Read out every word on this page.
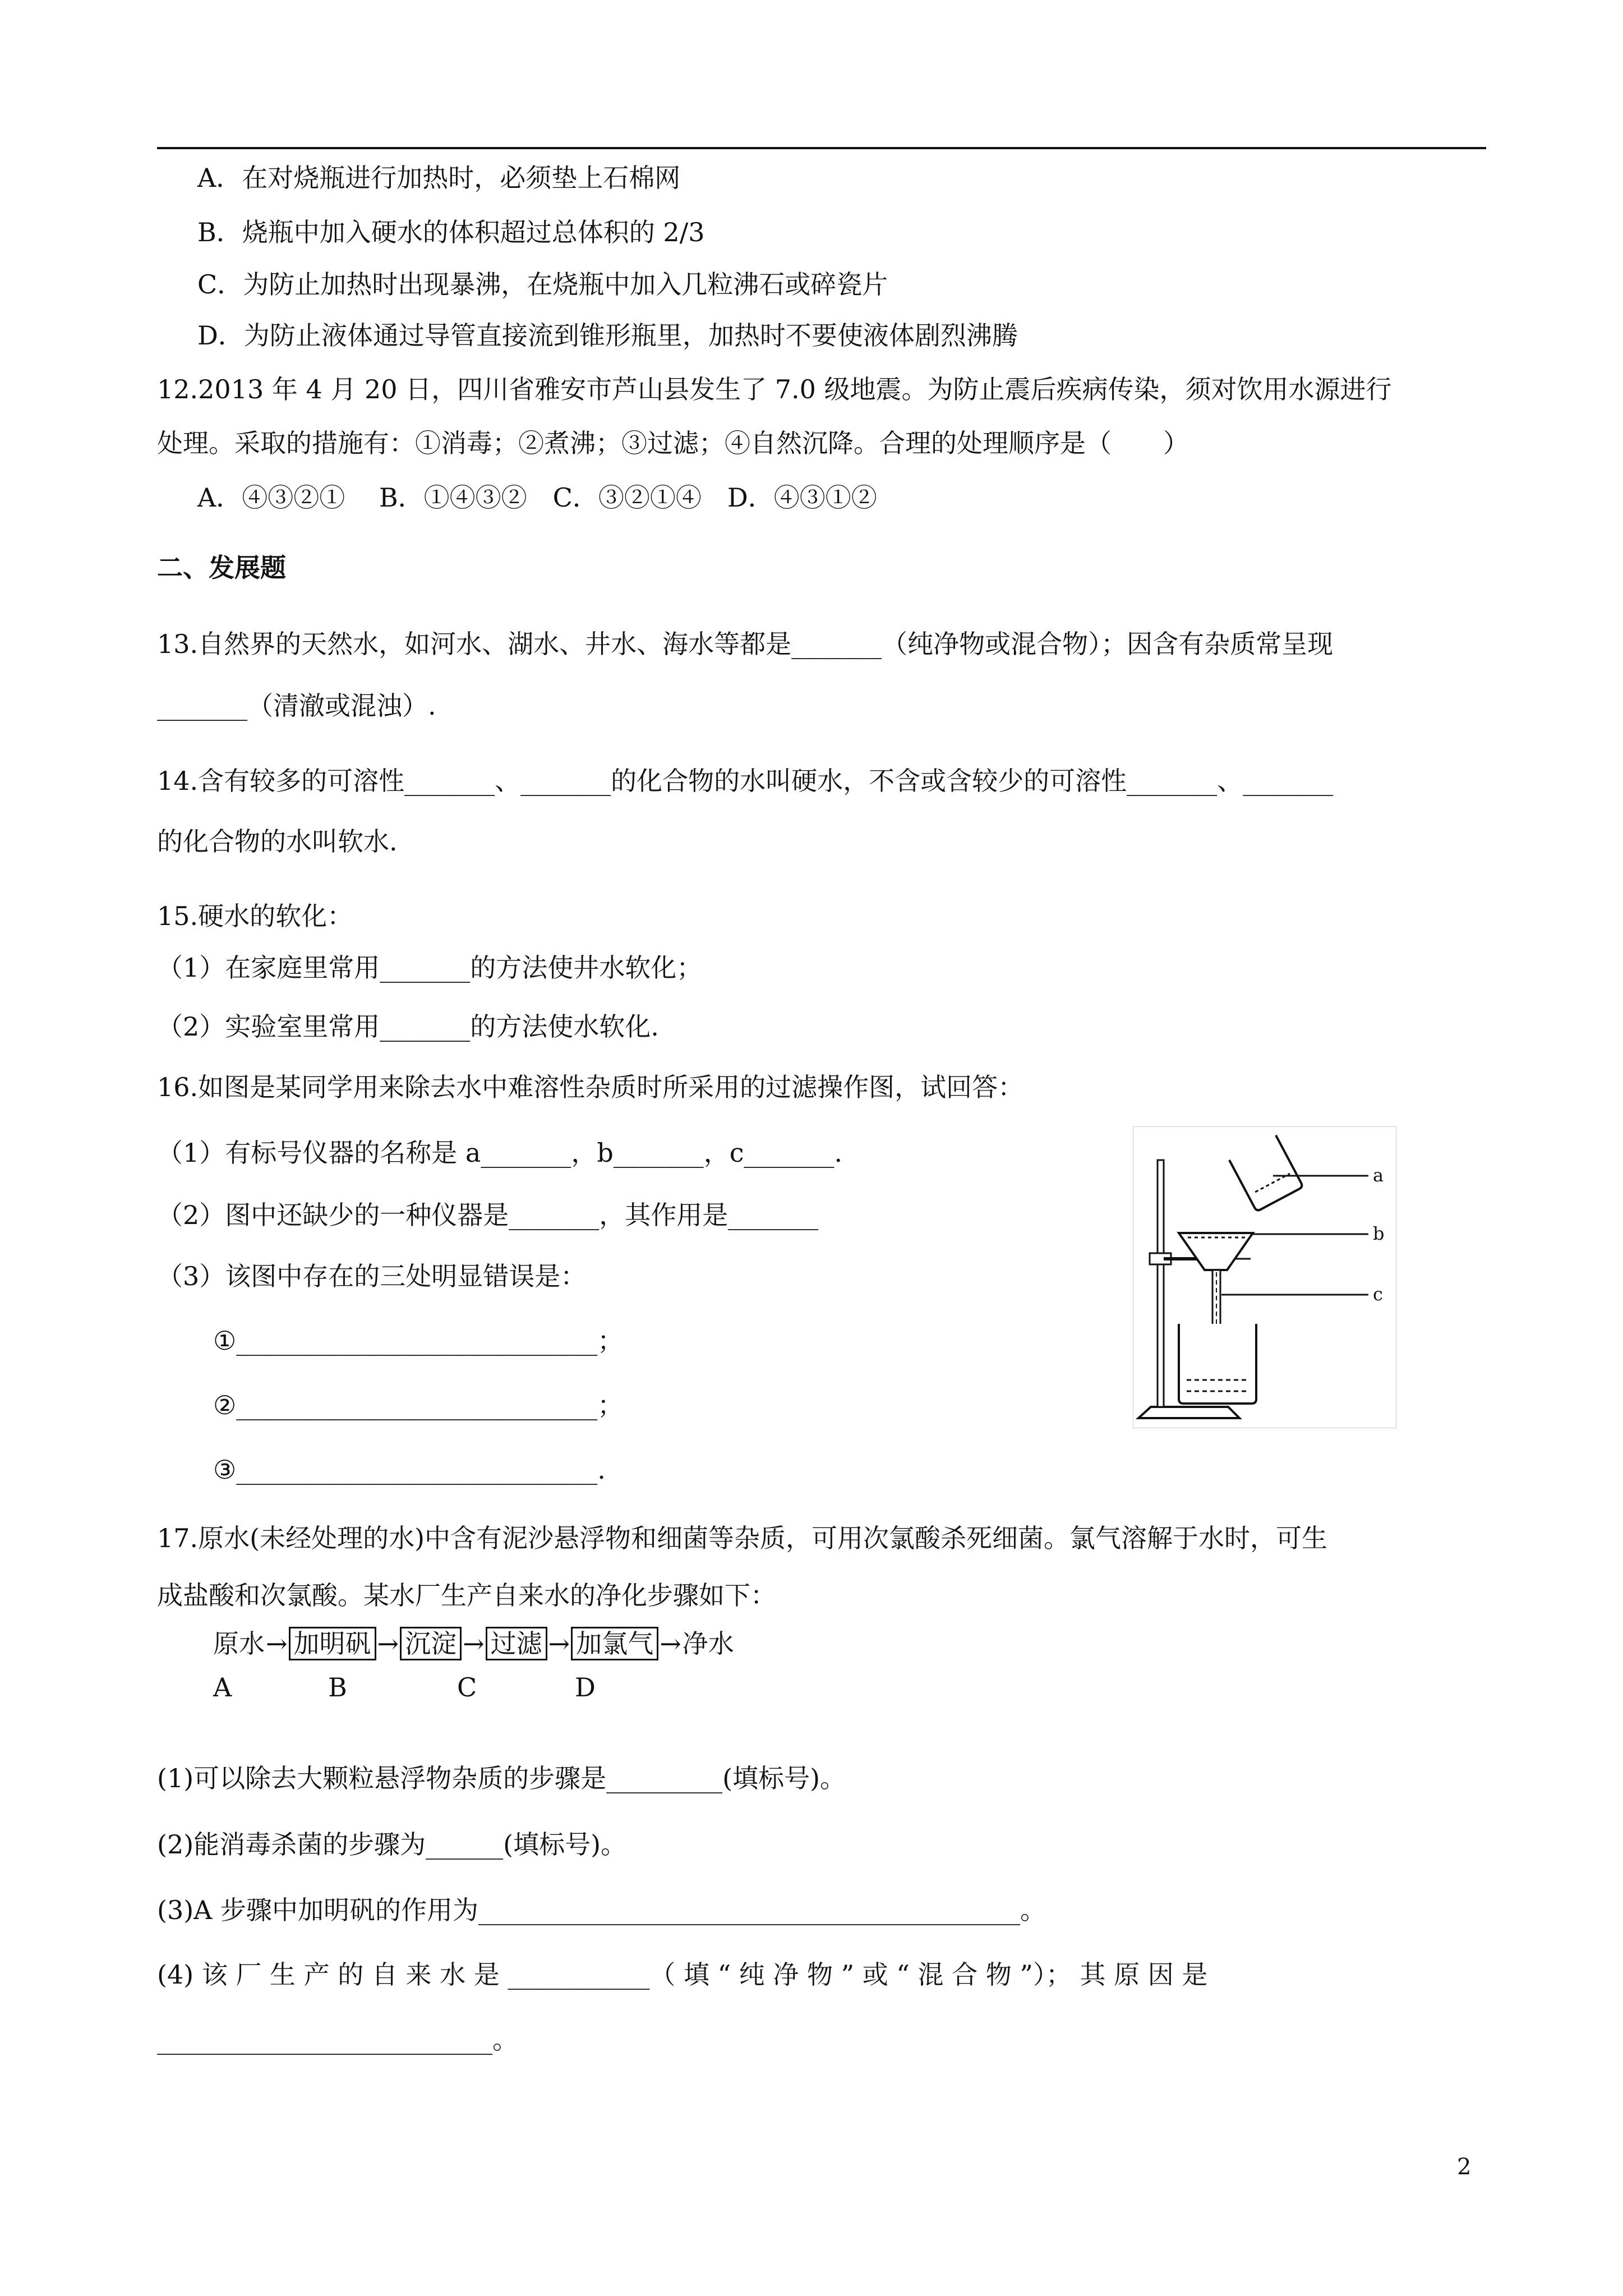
A．在对烧瓶进行加热时，必须垫上石棉网
B．烧瓶中加入硬水的体积超过总体积的 2/3
C．为防止加热时出现暴沸，在烧瓶中加入几粒沸石或碎瓷片
D．为防止液体通过导管直接流到锥形瓶里，加热时不要使液体剧烈沸腾
12.2013 年 4 月 20 日，四川省雅安市芦山县发生了 7.0 级地震。为防止震后疾病传染，须对饮用水源进行
处理。采取的措施有：①消毒；②煮沸；③过滤；④自然沉降。合理的处理顺序是（　　）
A．④③②①　 B．①④③②　C．③②①④　D．④③①②
二、发展题
13.自然界的天然水，如河水、湖水、井水、海水等都是_______（纯净物或混合物）；因含有杂质常呈现
_______（清澈或混浊）.
14.含有较多的可溶性_______、_______的化合物的水叫硬水，不含或含较少的可溶性_______、_______
的化合物的水叫软水.
15.硬水的软化：
（1）在家庭里常用_______的方法使井水软化；
（2）实验室里常用_______的方法使水软化.
16.如图是某同学用来除去水中难溶性杂质时所采用的过滤操作图，试回答：
（1）有标号仪器的名称是 a_______，b_______，c_______.
（2）图中还缺少的一种仪器是_______，其作用是_______
（3）该图中存在的三处明显错误是：
①____________________________；
②____________________________；
③____________________________.
a
b
c
17.原水(未经处理的水)中含有泥沙悬浮物和细菌等杂质，可用次氯酸杀死细菌。氯气溶解于水时，可生
成盐酸和次氯酸。某水厂生产自来水的净化步骤如下：
原水→ 加明矾 → 沉淀 → 过滤 → 加氯气 →净水

A

	B

	C

	D

(1)可以除去大颗粒悬浮物杂质的步骤是_________(填标号)。
(2)能消毒杀菌的步骤为______(填标号)。
(3)A 步骤中加明矾的作用为__________________________________________。
(4) 该 厂 生 产 的 自 来 水 是 ___________（ 填 “ 纯 净 物 ” 或 “ 混 合 物 ”）； 其 原 因 是
__________________________。
2
